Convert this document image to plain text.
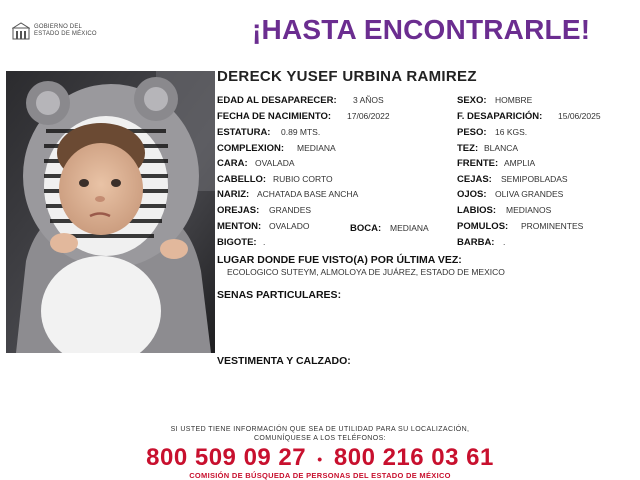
GOBIERNO DEL
ESTADO DE MÉXICO	¡HASTA ENCONTRARLE!
DERECK YUSEF URBINA RAMIREZ
EDAD AL DESAPARECER: 3 AÑOS
FECHA DE NACIMIENTO: 17/06/2022
ESTATURA: 0.89 MTS.
COMPLEXION: MEDIANA
CARA: OVALADA
CABELLO: RUBIO CORTO
NARIZ: ACHATADA BASE ANCHA
OREJAS: GRANDES
MENTON: OVALADO	BOCA: MEDIANA
BIGOTE: .
SEXO: HOMBRE
F. DESAPARICIÓN: 15/06/2025
PESO: 16 KGS.
TEZ: BLANCA
FRENTE: AMPLIA
CEJAS: SEMIPOBLADAS
OJOS: OLIVA GRANDES
LABIOS: MEDIANOS
POMULOS: PROMINENTES
BARBA: .
LUGAR DONDE FUE VISTO(A) POR ÚLTIMA VEZ:
ECOLOGICO SUTEYM, ALMOLOYA DE JUÁREZ, ESTADO DE MEXICO
SENAS PARTICULARES:
VESTIMENTA Y CALZADO:
SI USTED TIENE INFORMACIÓN QUE SEA DE UTILIDAD PARA SU LOCALIZACIÓN,
COMUNÍQUESE A LOS TELÉFONOS:
800 509 09 27 • 800 216 03 61
COMISIÓN DE BÚSQUEDA DE PERSONAS DEL ESTADO DE MÉXICO
